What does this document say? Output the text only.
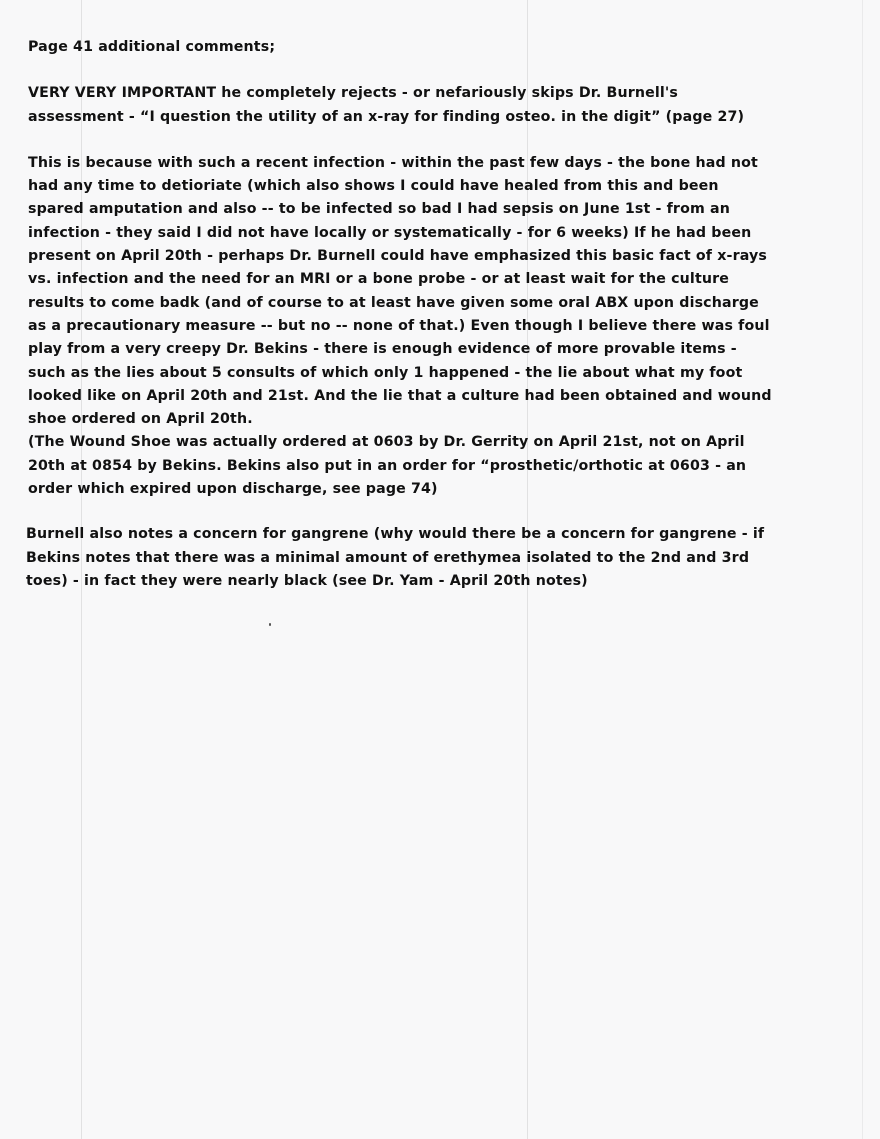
Page 41 additional comments;

VERY VERY IMPORTANT he completely rejects - or nefariously skips Dr. Burnell's
assessment - “I question the utility of an x-ray for finding osteo. in the digit” (page 27)

This is because with such a recent infection - within the past few days - the bone had not
had any time to detioriate (which also shows I could have healed from this and been
spared amputation and also -- to be infected so bad I had sepsis on June 1st - from an
infection - they said I did not have locally or systematically - for 6 weeks) If he had been
present on April 20th - perhaps Dr. Burnell could have emphasized this basic fact of x-rays
vs. infection and the need for an MRI or a bone probe - or at least wait for the culture
results to come badk (and of course to at least have given some oral ABX upon discharge
as a precautionary measure -- but no -- none of that.) Even though I believe there was foul
play from a very creepy Dr. Bekins - there is enough evidence of more provable items -
such as the lies about 5 consults of which only 1 happened - the lie about what my foot
looked like on April 20th and 21st. And the lie that a culture had been obtained and wound
shoe ordered on April 20th.

(The Wound Shoe was actually ordered at 0603 by Dr. Gerrity on April 21st, not on April
20th at 0854 by Bekins. Bekins also put in an order for “prosthetic/orthotic at 0603 - an
order which expired upon discharge, see page 74)

Burnell also notes a concern for gangrene (why would there be a concern for gangrene - if
Bekins notes that there was a minimal amount of erethymea isolated to the 2nd and 3rd
toes) - in fact they were nearly black (see Dr. Yam - April 20th notes)
